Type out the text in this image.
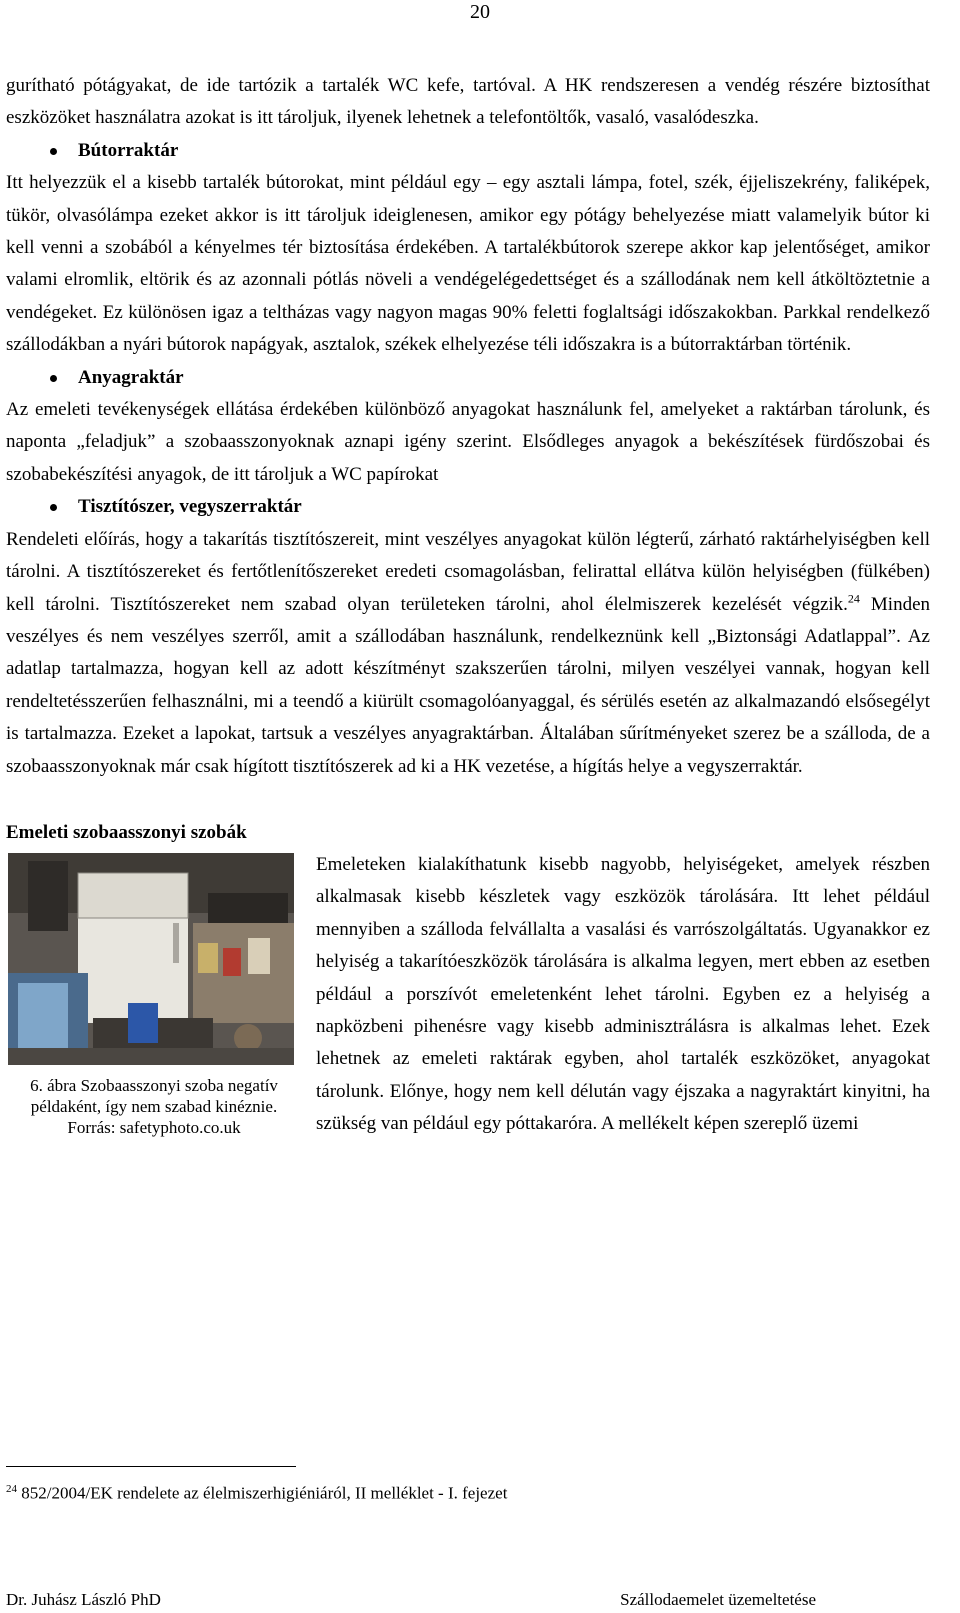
20

gurítható pótágyakat, de ide tartózik a tartalék WC kefe, tartóval. A HK rendszeresen a vendég részére biztosíthat eszközöket használatra azokat is itt tároljuk, ilyenek lehetnek a telefontöltők, vasaló, vasalódeszka.

Bútorraktár

Itt helyezzük el a kisebb tartalék bútorokat, mint például egy – egy asztali lámpa, fotel, szék, éjjeliszekrény, faliképek, tükör, olvasólámpa ezeket akkor is itt tároljuk ideiglenesen, amikor egy pótágy behelyezése miatt valamelyik bútor ki kell venni a szobából a kényelmes tér biztosítása érdekében. A tartalékbútorok szerepe akkor kap jelentőséget, amikor valami elromlik, eltörik és az azonnali pótlás növeli a vendégelégedettséget és a szállodának nem kell átköltöztetnie a vendégeket. Ez különösen igaz a teltházas vagy nagyon magas 90% feletti foglaltsági időszakokban. Parkkal rendelkező szállodákban a nyári bútorok napágyak, asztalok, székek elhelyezése téli időszakra is a bútorraktárban történik.

Anyagraktár

Az emeleti tevékenységek ellátása érdekében különböző anyagokat használunk fel, amelyeket a raktárban tárolunk, és naponta „feladjuk” a szobaasszonyoknak aznapi igény szerint. Elsődleges anyagok a bekészítések fürdőszobai és szobabekészítési anyagok, de itt tároljuk a WC papírokat

Tisztítószer, vegyszerraktár

Rendeleti előírás, hogy a takarítás tisztítószereit, mint veszélyes anyagokat külön légterű, zárható raktárhelyiségben kell tárolni. A tisztítószereket és fertőtlenítőszereket eredeti csomagolásban, felirattal ellátva külön helyiségben (fülkében) kell tárolni. Tisztítószereket nem szabad olyan területeken tárolni, ahol élelmiszerek kezelését végzik.$^{24}$ Minden veszélyes és nem veszélyes szerről, amit a szállodában használunk, rendelkeznünk kell „Biztonsági Adatlappal”. Az adatlap tartalmazza, hogyan kell az adott készítményt szakszerűen tárolni, milyen veszélyei vannak, hogyan kell rendeltetésszerűen felhasználni, mi a teendő a kiürült csomagolóanyaggal, és sérülés esetén az alkalmazandó elsősegélyt is tartalmazza. Ezeket a lapokat, tartsuk a veszélyes anyagraktárban. Általában sűrítményeket szerez be a szálloda, de a szobaasszonyoknak már csak hígított tisztítószerek ad ki a HK vezetése, a hígítás helye a vegyszerraktár.

Emeleti szobaasszonyi szobák
6. ábra Szobaasszonyi szoba negatív példaként, így nem szabad kinéznie. Forrás: safetyphoto.co.uk

Emeleteken kialakíthatunk kisebb nagyobb, helyiségeket, amelyek részben alkalmasak kisebb készletek vagy eszközök tárolására. Itt lehet például mennyiben a szálloda felvállalta a vasalási és varrószolgáltatás. Ugyanakkor ez helyiség a takarítóeszközök tárolására is alkalma legyen, mert ebben az esetben például a porszívót emeletenként lehet tárolni. Egyben ez a helyiség a napközbeni pihenésre vagy kisebb adminisztrálásra is alkalmas lehet. Ezek lehetnek az emeleti raktárak egyben, ahol tartalék eszközöket, anyagokat tárolunk. Előnye, hogy nem kell délután vagy éjszaka a nagyraktárt kinyitni, ha szükség van például egy póttakaróra. A mellékelt képen szereplő üzemi

$^{24}$ 852/2004/EK rendelete az élelmiszerhigiéniáról, II melléklet - I. fejezet
Dr. Juhász László PhD	Szállodaemelet üzemeltetése
